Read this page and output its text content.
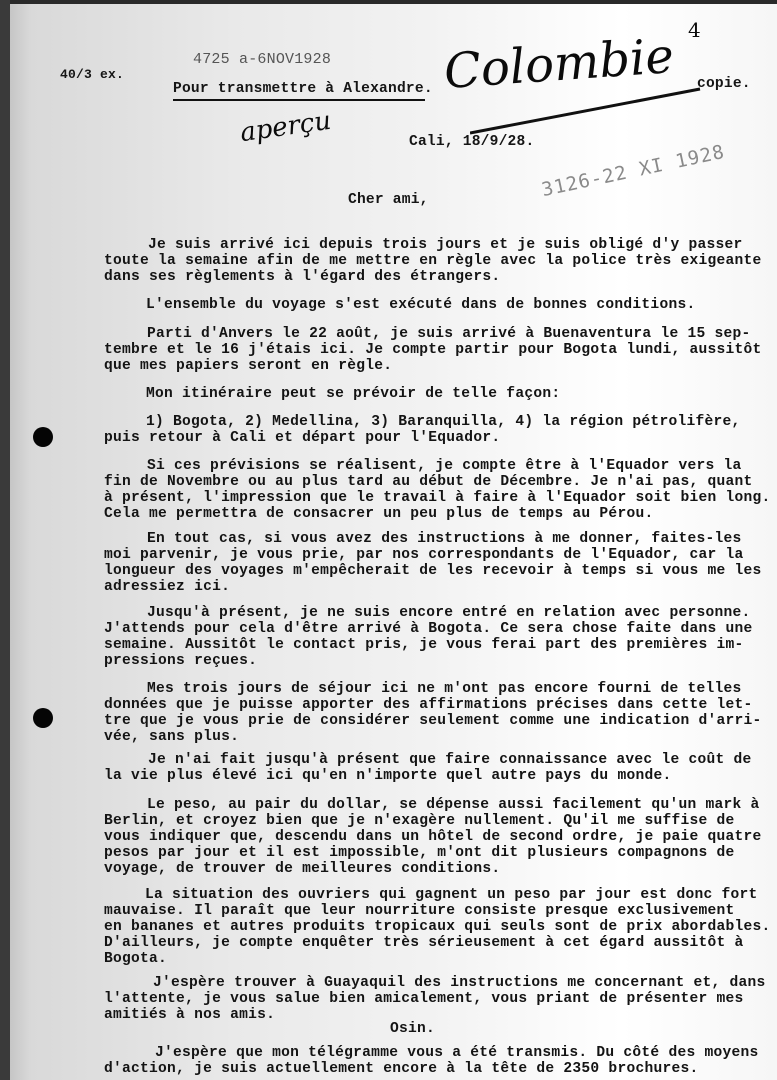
40/3 ex.
4725 a-6NOV1928
Pour transmettre à Alexandre. Colombie 4
copie.
aperçu	Cali, 18/9/28. 3126-22 XI 1928
Cher ami,
Je suis arrivé ici depuis trois jours et je suis obligé d'y passer
toute la semaine afin de me mettre en règle avec la police très exigeante
dans ses règlements à l'égard des étrangers.
L'ensemble du voyage s'est exécuté dans de bonnes conditions.
Parti d'Anvers le 22 août, je suis arrivé à Buenaventura le 15 sep-
tembre et le 16 j'étais ici. Je compte partir pour Bogota lundi, aussitôt
que mes papiers seront en règle.
Mon itinéraire peut se prévoir de telle façon:
1) Bogota, 2) Medellina, 3) Baranquilla, 4) la région pétrolifère,
puis retour à Cali et départ pour l'Equador.
Si ces prévisions se réalisent, je compte être à l'Equador vers la
fin de Novembre ou au plus tard au début de Décembre. Je n'ai pas, quant
à présent, l'impression que le travail à faire à l'Equador soit bien long.
Cela me permettra de consacrer un peu plus de temps au Pérou.
En tout cas, si vous avez des instructions à me donner, faites-les
moi parvenir, je vous prie, par nos correspondants de l'Equador, car la
longueur des voyages m'empêcherait de les recevoir à temps si vous me les
adressiez ici.
Jusqu'à présent, je ne suis encore entré en relation avec personne.
J'attends pour cela d'être arrivé à Bogota. Ce sera chose faite dans une
semaine. Aussitôt le contact pris, je vous ferai part des premières im-
pressions reçues.
Mes trois jours de séjour ici ne m'ont pas encore fourni de telles
données que je puisse apporter des affirmations précises dans cette let-
tre que je vous prie de considérer seulement comme une indication d'arri-
vée, sans plus.
Je n'ai fait jusqu'à présent que faire connaissance avec le coût de
la vie plus élevé ici qu'en n'importe quel autre pays du monde.
Le peso, au pair du dollar, se dépense aussi facilement qu'un mark à
Berlin, et croyez bien que je n'exagère nullement. Qu'il me suffise de
vous indiquer que, descendu dans un hôtel de second ordre, je paie quatre
pesos par jour et il est impossible, m'ont dit plusieurs compagnons de
voyage, de trouver de meilleures conditions.
La situation des ouvriers qui gagnent un peso par jour est donc fort
mauvaise. Il paraît que leur nourriture consiste presque exclusivement
en bananes et autres produits tropicaux qui seuls sont de prix abordables.
D'ailleurs, je compte enquêter très sérieusement à cet égard aussitôt à
Bogota.
J'espère trouver à Guayaquil des instructions me concernant et, dans
l'attente, je vous salue bien amicalement, vous priant de présenter mes
amitiés à nos amis.
Osin.
J'espère que mon télégramme vous a été transmis. Du côté des moyens
d'action, je suis actuellement encore à la tête de 2350 brochures.
